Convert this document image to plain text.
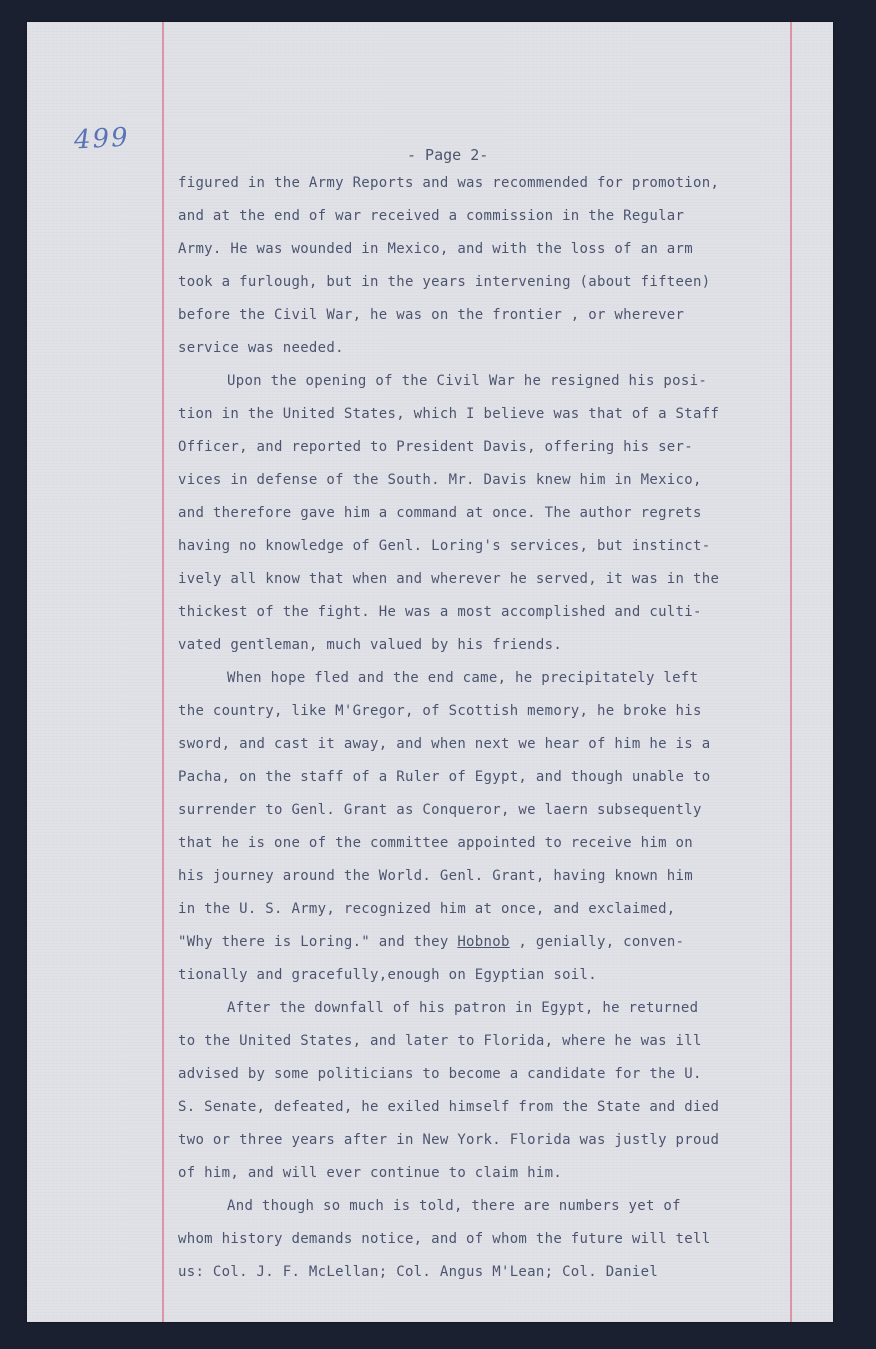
499	- Page 2-
figured in the Army Reports and was recommended for promotion,
and at the end of war received a commission in the Regular
Army. He was wounded in Mexico, and with the loss of an arm
took a furlough, but in the years intervening (about fifteen)
before the Civil War, he was on the frontier , or wherever
service was needed.
Upon the opening of the Civil War he resigned his posi-
tion in the United States, which I believe was that of a Staff
Officer, and reported to President Davis, offering his ser-
vices in defense of the South. Mr. Davis knew him in Mexico,
and therefore gave him a command at once. The author regrets
having no knowledge of Genl. Loring's services, but instinct-
ively all know that when and wherever he served, it was in the
thickest of the fight. He was a most accomplished and culti-
vated gentleman, much valued by his friends.
When hope fled and the end came, he precipitately left
the country, like M'Gregor, of Scottish memory, he broke his
sword, and cast it away, and when next we hear of him he is a
Pacha, on the staff of a Ruler of Egypt, and though unable to
surrender to Genl. Grant as Conqueror, we laern subsequently
that he is one of the committee appointed to receive him on
his journey around the World. Genl. Grant, having known him
in the U. S. Army, recognized him at once, and exclaimed,
"Why there is Loring." and they Hobnob , genially, conven-
tionally and gracefully,enough on Egyptian soil.
After the downfall of his patron in Egypt, he returned
to the United States, and later to Florida, where he was ill
advised by some politicians to become a candidate for the U.
S. Senate, defeated, he exiled himself from the State and died
two or three years after in New York. Florida was justly proud
of him, and will ever continue to claim him.
And though so much is told, there are numbers yet of
whom history demands notice, and of whom the future will tell
us: Col. J. F. McLellan; Col. Angus M'Lean; Col. Daniel
